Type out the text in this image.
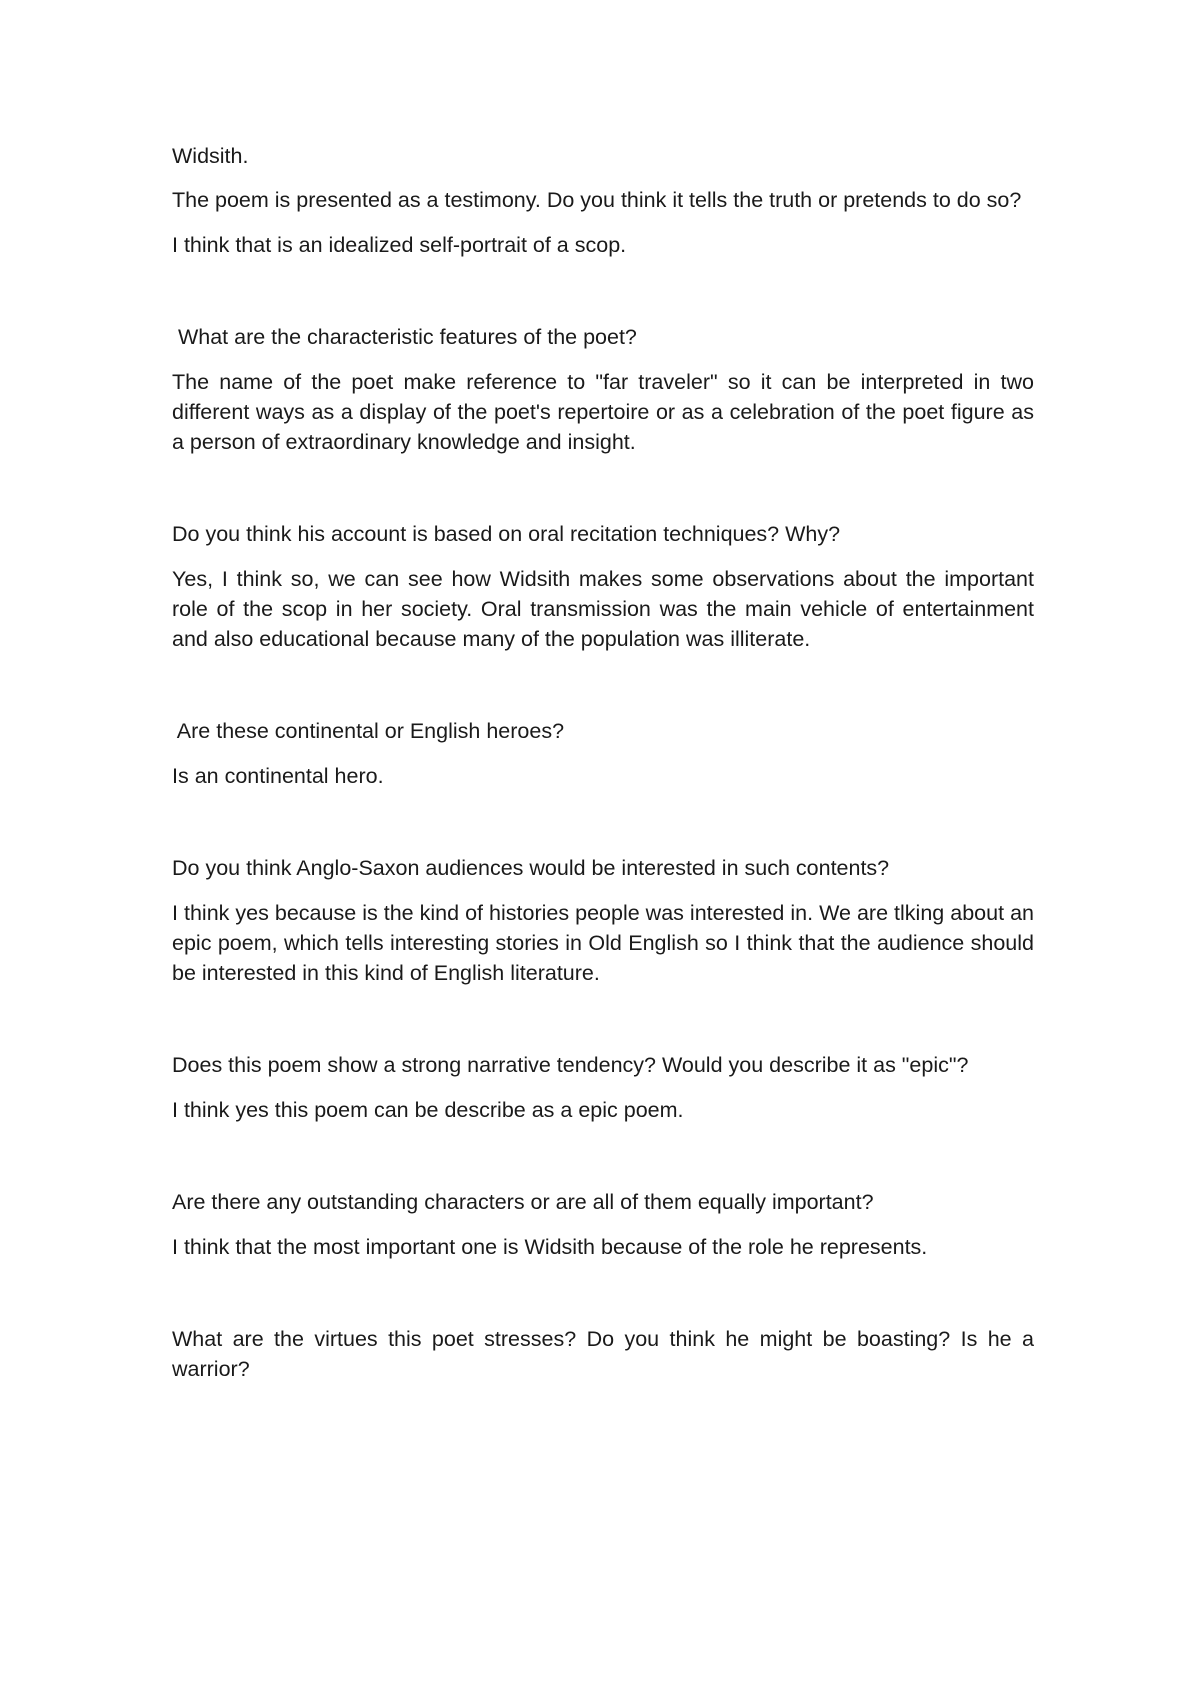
Widsith.

The poem is presented as a testimony. Do you think it tells the truth or pretends to do so?

I think that is an idealized self-portrait of a scop.

What are the characteristic features of the poet?

The name of the poet make reference to "far traveler" so it can be interpreted in two different ways as a display of the poet's repertoire or as a celebration of the poet figure as a person of extraordinary knowledge and insight.

Do you think his account is based on oral recitation techniques? Why?

Yes, I think so, we can see how Widsith makes some observations about the important role of the scop in her society. Oral transmission was the main vehicle of entertainment and also educational because many of the population was illiterate.

Are these continental or English heroes?

Is an continental hero.

Do you think Anglo-Saxon audiences would be interested in such contents?

I think yes because is the kind of histories people was interested in. We are tlking about an epic poem, which tells interesting stories in Old English so I think that the audience should be interested in this kind of English literature.

Does this poem show a strong narrative tendency? Would you describe it as "epic"?

I think yes this poem can be describe as a epic poem.

Are there any outstanding characters or are all of them equally important?

I think that the most important one is Widsith because of the role he represents.

What are the virtues this poet stresses? Do you think he might be boasting? Is he a warrior?
